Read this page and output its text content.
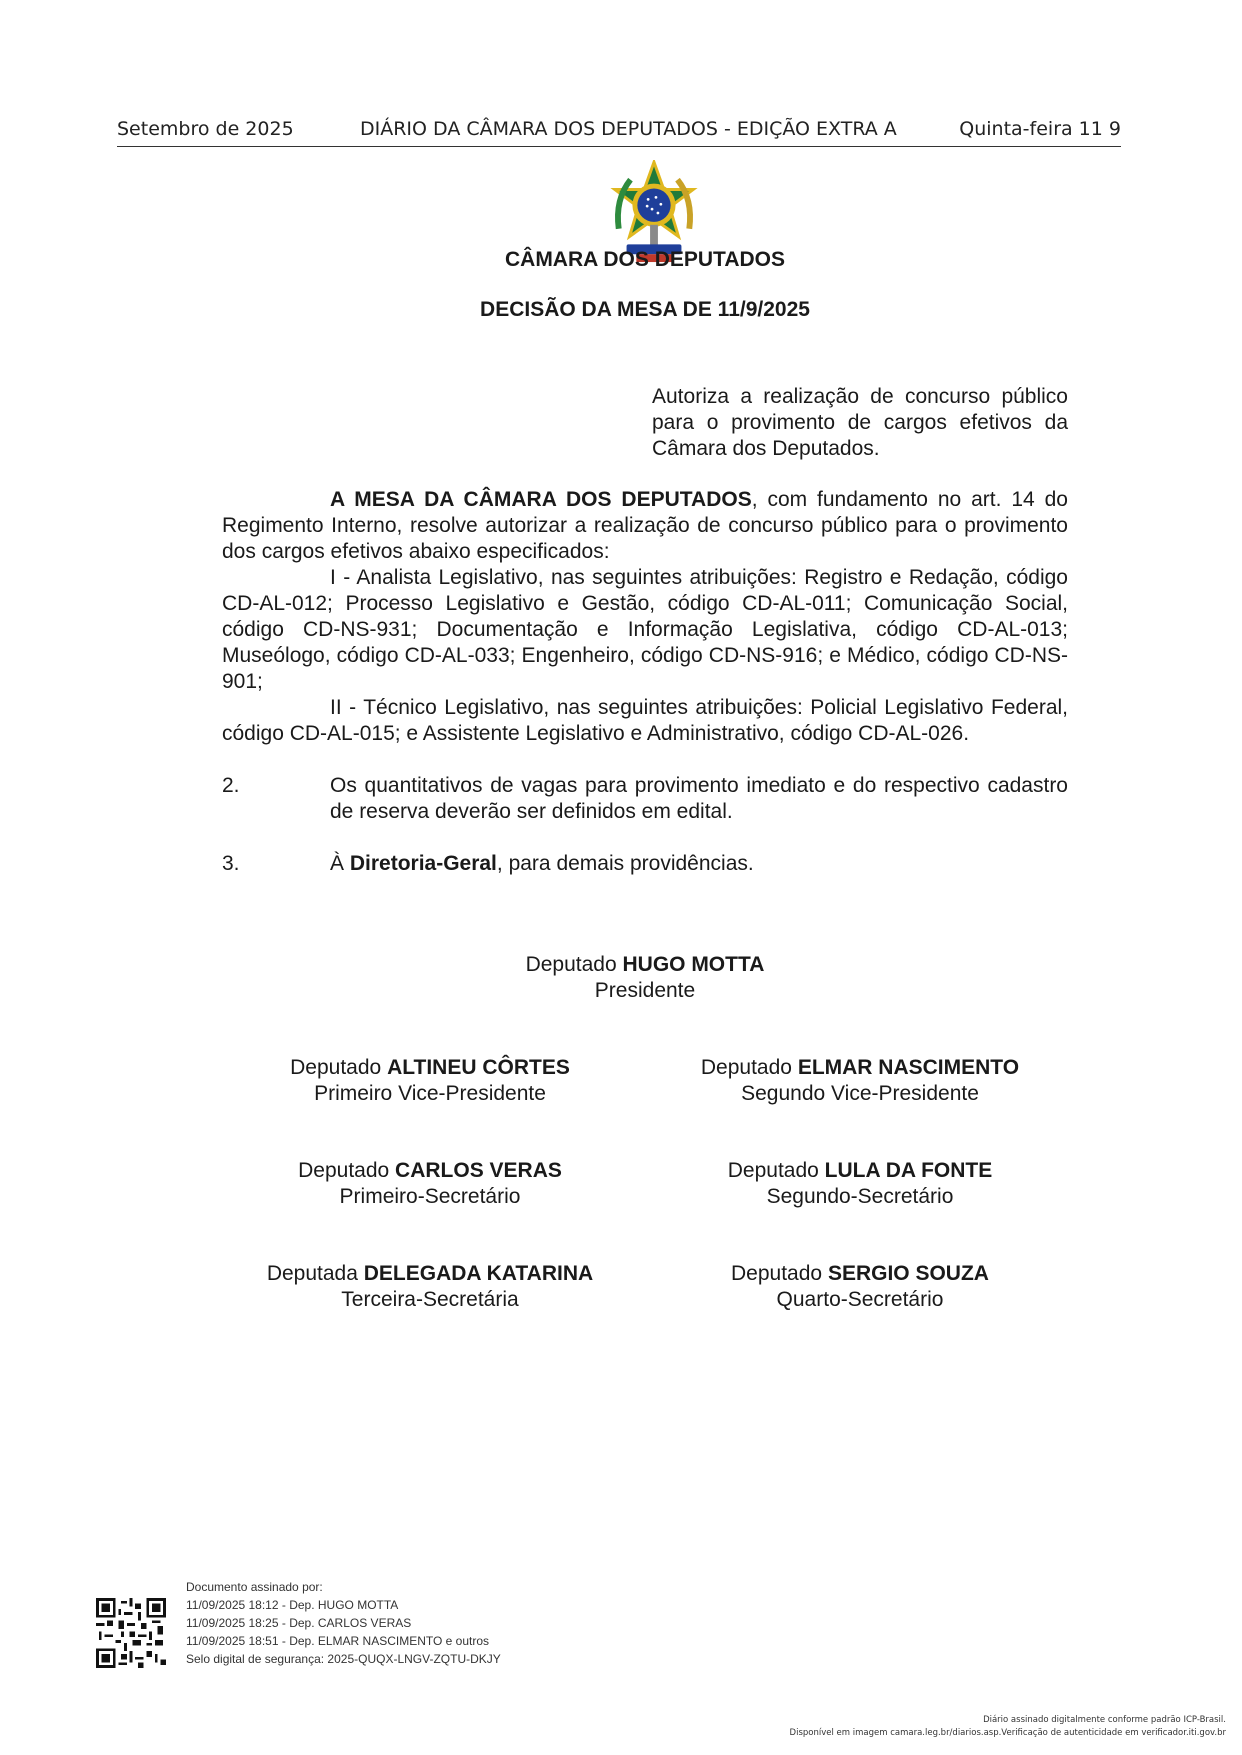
Setembro de 2025	DIÁRIO DA CÂMARA DOS DEPUTADOS - EDIÇÃO EXTRA A	Quinta-feira 11 9
CÂMARA DOS DEPUTADOS
DECISÃO DA MESA DE 11/9/2025
Autoriza a realização de concurso público para o provimento de cargos efetivos da Câmara dos Deputados.

A MESA DA CÂMARA DOS DEPUTADOS, com fundamento no art. 14 do Regimento Interno, resolve autorizar a realização de concurso público para o provimento dos cargos efetivos abaixo especificados:

I - Analista Legislativo, nas seguintes atribuições: Registro e Redação, código CD-AL-012; Processo Legislativo e Gestão, código CD-AL-011; Comunicação Social, código CD-NS-931; Documentação e Informação Legislativa, código CD-AL-013; Museólogo, código CD-AL-033; Engenheiro, código CD-NS-916; e Médico, código CD-NS-901;

II - Técnico Legislativo, nas seguintes atribuições: Policial Legislativo Federal, código CD-AL-015; e Assistente Legislativo e Administrativo, código CD-AL-026.

2.	Os quantitativos de vagas para provimento imediato e do respectivo cadastro de reserva deverão ser definidos em edital.

3.	À Diretoria-Geral, para demais providências.

Deputado HUGO MOTTA
Presidente
Deputado ALTINEU CÔRTES
Primeiro Vice-Presidente
Deputado ELMAR NASCIMENTO
Segundo Vice-Presidente
Deputado CARLOS VERAS
Primeiro-Secretário
Deputado LULA DA FONTE
Segundo-Secretário
Deputada DELEGADA KATARINA
Terceira-Secretária
Deputado SERGIO SOUZA
Quarto-Secretário
Documento assinado por:
11/09/2025 18:12 - Dep. HUGO MOTTA
11/09/2025 18:25 - Dep. CARLOS VERAS
11/09/2025 18:51 - Dep. ELMAR NASCIMENTO e outros
Selo digital de segurança: 2025-QUQX-LNGV-ZQTU-DKJY
Diário assinado digitalmente conforme padrão ICP-Brasil.
Disponível em imagem camara.leg.br/diarios.asp.Verificação de autenticidade em verificador.iti.gov.br
